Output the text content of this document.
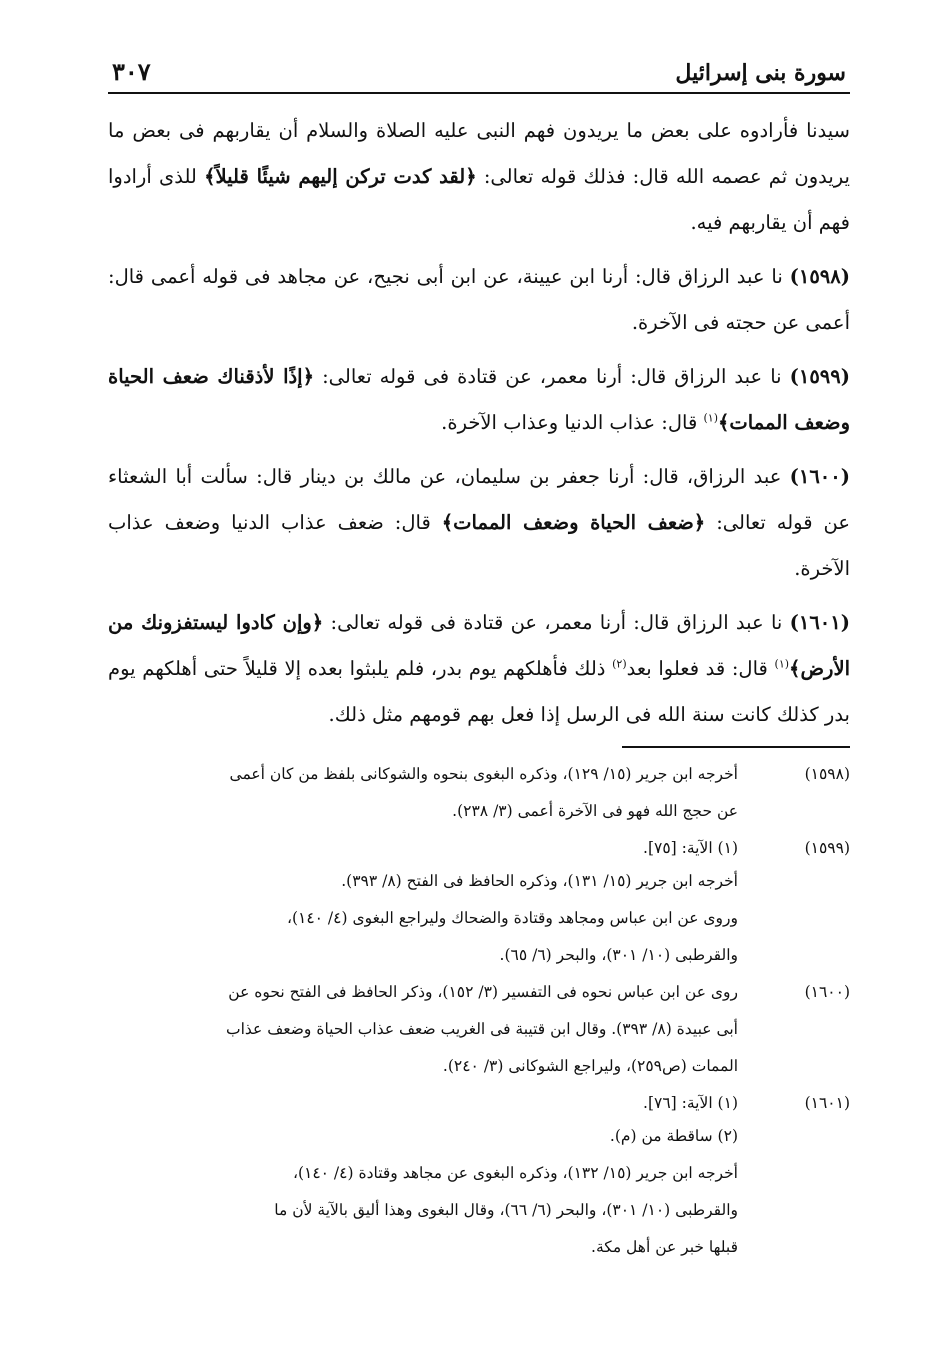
سورة بنى إسرائيل
٣٠٧

سيدنا فأرادوه على بعض ما يريدون فهم النبى عليه الصلاة والسلام أن يقاربهم فى بعض ما يريدون ثم عصمه الله قال: فذلك قوله تعالى: ﴿لقد كدت تركن إليهم شيئًا قليلاً﴾ للذى أرادوا فهم أن يقاربهم فيه.

(١٥٩٨) نا عبد الرزاق قال: أرنا ابن عيينة، عن ابن أبى نجيح، عن مجاهد فى قوله أعمى قال: أعمى عن حجته فى الآخرة.

(١٥٩٩) نا عبد الرزاق قال: أرنا معمر، عن قتادة فى قوله تعالى: ﴿إذًا لأذقناك ضعف الحياة وضعف الممات﴾$^{(١)}$ قال: عذاب الدنيا وعذاب الآخرة.

(١٦٠٠) عبد الرزاق، قال: أرنا جعفر بن سليمان، عن مالك بن دينار قال: سألت أبا الشعثاء عن قوله تعالى: ﴿ضعف الحياة وضعف الممات﴾ قال: ضعف عذاب الدنيا وضعف عذاب الآخرة.

(١٦٠١) نا عبد الرزاق قال: أرنا معمر، عن قتادة فى قوله تعالى: ﴿وإن كادوا ليستفزونك من الأرض﴾$^{(١)}$ قال: قد فعلوا بعد$^{(٢)}$ ذلك فأهلكهم يوم بدر، فلم يلبثوا بعده إلا قليلاً حتى أهلكهم يوم بدر كذلك كانت سنة الله فى الرسل إذا فعل بهم قومهم مثل ذلك.

(١٥٩٨)

أخرجه ابن جرير (١٥/ ١٢٩)، وذكره البغوى بنحوه والشوكانى بلفظ من كان أعمى

عن حجج الله فهو فى الآخرة أعمى (٣/ ٢٣٨).

(١٥٩٩)

(١) الآية: [٧٥].

أخرجه ابن جرير (١٥/ ١٣١)، وذكره الحافظ فى الفتح (٨/ ٣٩٣).

وروى عن ابن عباس ومجاهد وقتادة والضحاك وليراجع البغوى (٤/ ١٤٠)،

والقرطبى (١٠/ ٣٠١)، والبحر (٦/ ٦٥).

(١٦٠٠)

روى عن ابن عباس نحوه فى التفسير (٣/ ١٥٢)، وذكر الحافظ فى الفتح نحوه عن

أبى عبيدة (٨/ ٣٩٣). وقال ابن قتيبة فى الغريب ضعف عذاب الحياة وضعف عذاب

الممات (ص٢٥٩)، وليراجع الشوكانى (٣/ ٢٤٠).

(١٦٠١)

(١) الآية: [٧٦].

(٢) ساقطة من (م).

أخرجه ابن جرير (١٥/ ١٣٢)، وذكره البغوى عن مجاهد وقتادة (٤/ ١٤٠)،

والقرطبى (١٠/ ٣٠١)، والبحر (٦/ ٦٦)، وقال البغوى وهذا أليق بالآية لأن ما

قبلها خبر عن أهل مكة.
